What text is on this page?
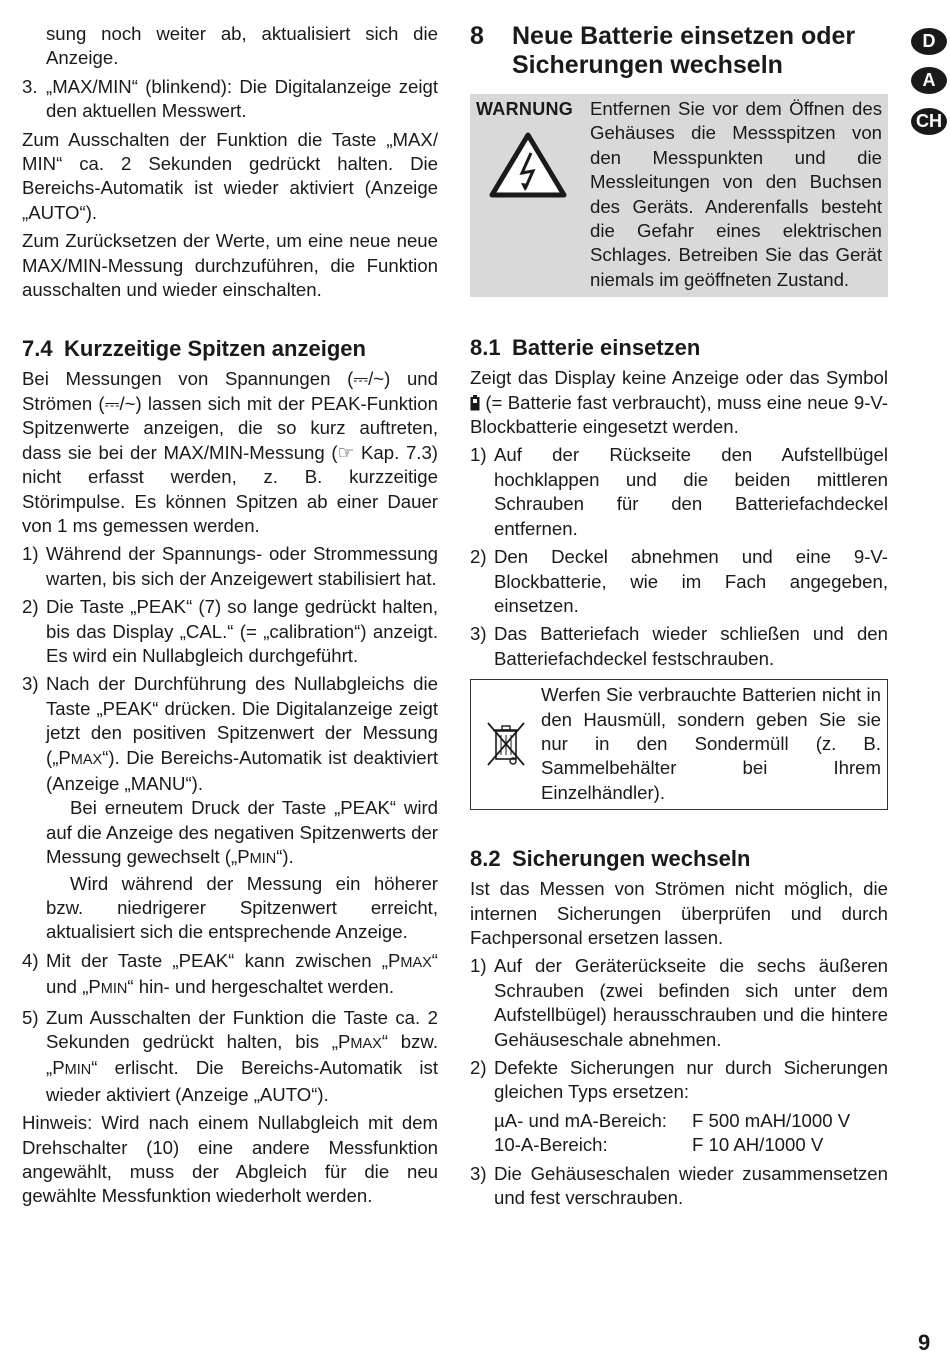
sung noch weiter ab, aktualisiert sich die Anzeige.

3. „MAX/MIN“ (blinkend): Die Digitalanzeige zeigt den aktuellen Messwert.

Zum Ausschalten der Funktion die Taste „MAX/ MIN“ ca. 2 Sekunden gedrückt halten. Die Bereichs-Automatik ist wieder aktiviert (Anzeige „AUTO“).

Zum Zurücksetzen der Werte, um eine neue neue MAX/MIN-Messung durchzuführen, die Funktion ausschalten und wieder einschalten.

7.4 Kurzzeitige Spitzen anzeigen

Bei Messungen von Spannungen (⎓/~) und Strömen (⎓/~) lassen sich mit der PEAK-Funktion Spitzenwerte anzeigen, die so kurz auftreten, dass sie bei der MAX/MIN-Messung (☞ Kap. 7.3) nicht erfasst werden, z. B. kurzzeitige Störimpulse. Es können Spitzen ab einer Dauer von 1 ms gemessen werden.

1) Während der Spannungs- oder Strommessung warten, bis sich der Anzeigewert stabilisiert hat.
2) Die Taste „PEAK“ (7) so lange gedrückt halten, bis das Display „CAL.“ (= „calibration“) anzeigt. Es wird ein Nullabgleich durchgeführt.
3) Nach der Durchführung des Nullabgleichs die Taste „PEAK“ drücken. Die Digitalanzeige zeigt jetzt den positiven Spitzenwert der Messung („PMAX“). Die Bereichs-Automatik ist deaktiviert (Anzeige „MANU“).
Bei erneutem Druck der Taste „PEAK“ wird auf die Anzeige des negativen Spitzenwerts der Messung gewechselt („PMIN“).
Wird während der Messung ein höherer bzw. niedrigerer Spitzenwert erreicht, aktualisiert sich die entsprechende Anzeige.
4) Mit der Taste „PEAK“ kann zwischen „PMAX“ und „PMIN“ hin- und hergeschaltet werden.
5) Zum Ausschalten der Funktion die Taste ca. 2 Sekunden gedrückt halten, bis „PMAX“ bzw. „PMIN“ erlischt. Die Bereichs-Automatik ist wieder aktiviert (Anzeige „AUTO“).

Hinweis: Wird nach einem Nullabgleich mit dem Drehschalter (10) eine andere Messfunktion angewählt, muss der Abgleich für die neu gewählte Messfunktion wiederholt werden.

8	Neue Batterie einsetzen oder Sicherungen wechseln
WARNUNG Entfernen Sie vor dem Öffnen des Gehäuses die Messspitzen von den Messpunkten und die Messleitungen von den Buchsen des Geräts. Anderenfalls besteht die Gefahr eines elektrischen Schlages. Betreiben Sie das Gerät niemals im geöffneten Zustand.
8.1 Batterie einsetzen

Zeigt das Display keine Anzeige oder das Symbol  (= Batterie fast verbraucht), muss eine neue 9-V-Blockbatterie eingesetzt werden.

1) Auf der Rückseite den Aufstellbügel hochklappen und die beiden mittleren Schrauben für den Batteriefachdeckel entfernen.
2) Den Deckel abnehmen und eine 9-V-Blockbatterie, wie im Fach angegeben, einsetzen.
3) Das Batteriefach wieder schließen und den Batteriefachdeckel festschrauben.
Werfen Sie verbrauchte Batterien nicht in den Hausmüll, sondern geben Sie sie nur in den Sondermüll (z. B. Sammelbehälter bei Ihrem Einzelhändler).
8.2 Sicherungen wechseln

Ist das Messen von Strömen nicht möglich, die internen Sicherungen überprüfen und durch Fachpersonal ersetzen lassen.

1) Auf der Geräterückseite die sechs äußeren Schrauben (zwei befinden sich unter dem Aufstellbügel) herausschrauben und die hintere Gehäuseschale abnehmen.
2) Defekte Sicherungen nur durch Sicherungen gleichen Typs ersetzen:
µA- und mA-Bereich:	F 500 mAH/1000 V
10-A-Bereich:	F 10 AH/1000 V
3) Die Gehäuseschalen wieder zusammensetzen und fest verschrauben.
D
A
CH
9
